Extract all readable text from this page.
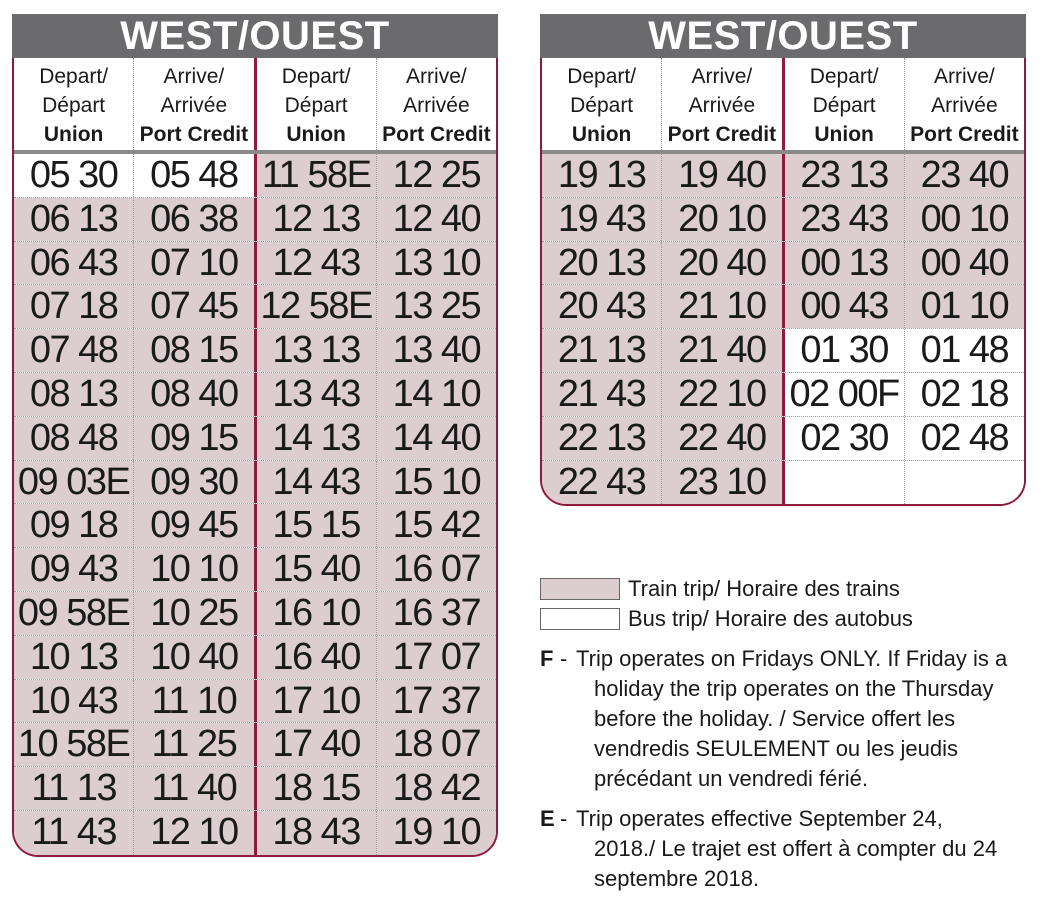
WEST/OUEST
Depart/
Départ
Union
Arrive/
Arrivée
Port Credit
Depart/
Départ
Union
Arrive/
Arrivée
Port Credit
05 30 05 48 11 58E 12 25
06 13 06 38 12 13 12 40
06 43 07 10 12 43 13 10
07 18 07 45 12 58E 13 25
07 48 08 15 13 13 13 40
08 13 08 40 13 43 14 10
08 48 09 15 14 13 14 40
09 03E 09 30 14 43 15 10
09 18 09 45 15 15 15 42
09 43 10 10 15 40 16 07
09 58E 10 25 16 10 16 37
10 13 10 40 16 40 17 07
10 43 11 10 17 10 17 37
10 58E 11 25 17 40 18 07
11 13 11 40 18 15 18 42
11 43 12 10 18 43 19 10
WEST/OUEST
Depart/
Départ
Union
Arrive/
Arrivée
Port Credit
Depart/
Départ
Union
Arrive/
Arrivée
Port Credit
19 13 19 40 23 13 23 40
19 43 20 10 23 43 00 10
20 13 20 40 00 13 00 40
20 43 21 10 00 43 01 10
21 13 21 40 01 30 01 48
21 43 22 10 02 00F 02 18
22 13 22 40 02 30 02 48
22 43 23 10
Train trip/ Horaire des trains
Bus trip/ Horaire des autobus
F - Trip operates on Fridays ONLY. If Friday is a
holiday the trip operates on the Thursday before the holiday. / Service offert les vendredis SEULEMENT ou les jeudis précédant un vendredi férié.
E - Trip operates effective September 24,
2018./ Le trajet est offert à compter du 24 septembre 2018.
